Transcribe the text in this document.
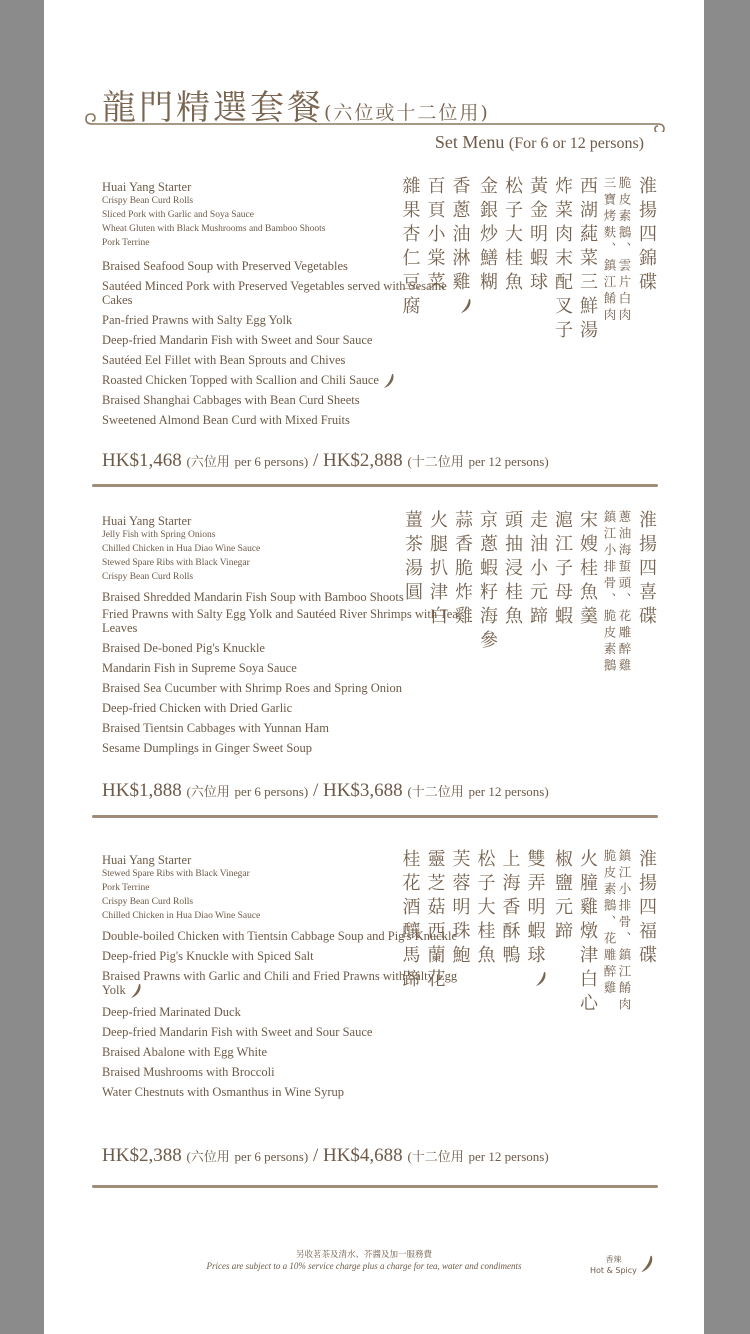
龍門精選套餐(六位或十二位用)
Set Menu (For 6 or 12 persons)
Huai Yang Starter
Crispy Bean Curd Rolls
Sliced Pork with Garlic and Soya Sauce
Wheat Gluten with Black Mushrooms and Bamboo Shoots
Pork Terrine
Braised Seafood Soup with Preserved Vegetables
Sautéed Minced Pork with Preserved Vegetables served with Sesame Cakes
Pan-fried Prawns with Salty Egg Yolk
Deep-fried Mandarin Fish with Sweet and Sour Sauce
Sautéed Eel Fillet with Bean Sprouts and Chives
Roasted Chicken Topped with Scallion and Chili Sauce
Braised Shanghai Cabbages with Bean Curd Sheets
Sweetened Almond Bean Curd with Mixed Fruits
淮揚四錦碟
脆皮素鵝、雲片白肉
三寶烤麩、鎮江餚肉
西湖蒓菜三鮮湯
炸菜肉末配叉子
黃金明蝦球
松子大桂魚
金銀炒鱔糊
香蔥油淋雞
百頁小棠菜
雜果杏仁豆腐
HK$1,468 (六位用 per 6 persons) / HK$2,888 (十二位用 per 12 persons)
Huai Yang Starter
Jelly Fish with Spring Onions
Chilled Chicken in Hua Diao Wine Sauce
Stewed Spare Ribs with Black Vinegar
Crispy Bean Curd Rolls
Braised Shredded Mandarin Fish Soup with Bamboo Shoots
Fried Prawns with Salty Egg Yolk and Sautéed River Shrimps with Tea Leaves
Braised De-boned Pig's Knuckle
Mandarin Fish in Supreme Soya Sauce
Braised Sea Cucumber with Shrimp Roes and Spring Onion
Deep-fried Chicken with Dried Garlic
Braised Tientsin Cabbages with Yunnan Ham
Sesame Dumplings in Ginger Sweet Soup
淮揚四喜碟
蔥油海蜇頭、花雕醉雞
鎮江小排骨、脆皮素鵝
宋嫂桂魚羹
滬江子母蝦
走油小元蹄
頭抽浸桂魚
京蔥蝦籽海參
蒜香脆炸雞
火腿扒津白
薑茶湯圓
HK$1,888 (六位用 per 6 persons) / HK$3,688 (十二位用 per 12 persons)
Huai Yang Starter
Stewed Spare Ribs with Black Vinegar
Pork Terrine
Crispy Bean Curd Rolls
Chilled Chicken in Hua Diao Wine Sauce
Double-boiled Chicken with Tientsin Cabbage Soup and Pig's Knuckle
Deep-fried Pig's Knuckle with Spiced Salt
Braised Prawns with Garlic and Chili and Fried Prawns with Salty Egg Yolk
Deep-fried Marinated Duck
Deep-fried Mandarin Fish with Sweet and Sour Sauce
Braised Abalone with Egg White
Braised Mushrooms with Broccoli
Water Chestnuts with Osmanthus in Wine Syrup
淮揚四福碟
鎮江小排骨、鎮江餚肉
脆皮素鵝、花雕醉雞
火膧雞燉津白心
椒鹽元蹄
雙弄明蝦球
上海香酥鴨
松子大桂魚
芙蓉明珠鮑
靈芝菇西蘭花
桂花酒釀馬蹄
HK$2,388 (六位用 per 6 persons) / HK$4,688 (十二位用 per 12 persons)
另收茗茶及清水、芥醬及加一服務費
Prices are subject to a 10% service charge plus a charge for tea, water and condiments
香辣
Hot & Spicy
